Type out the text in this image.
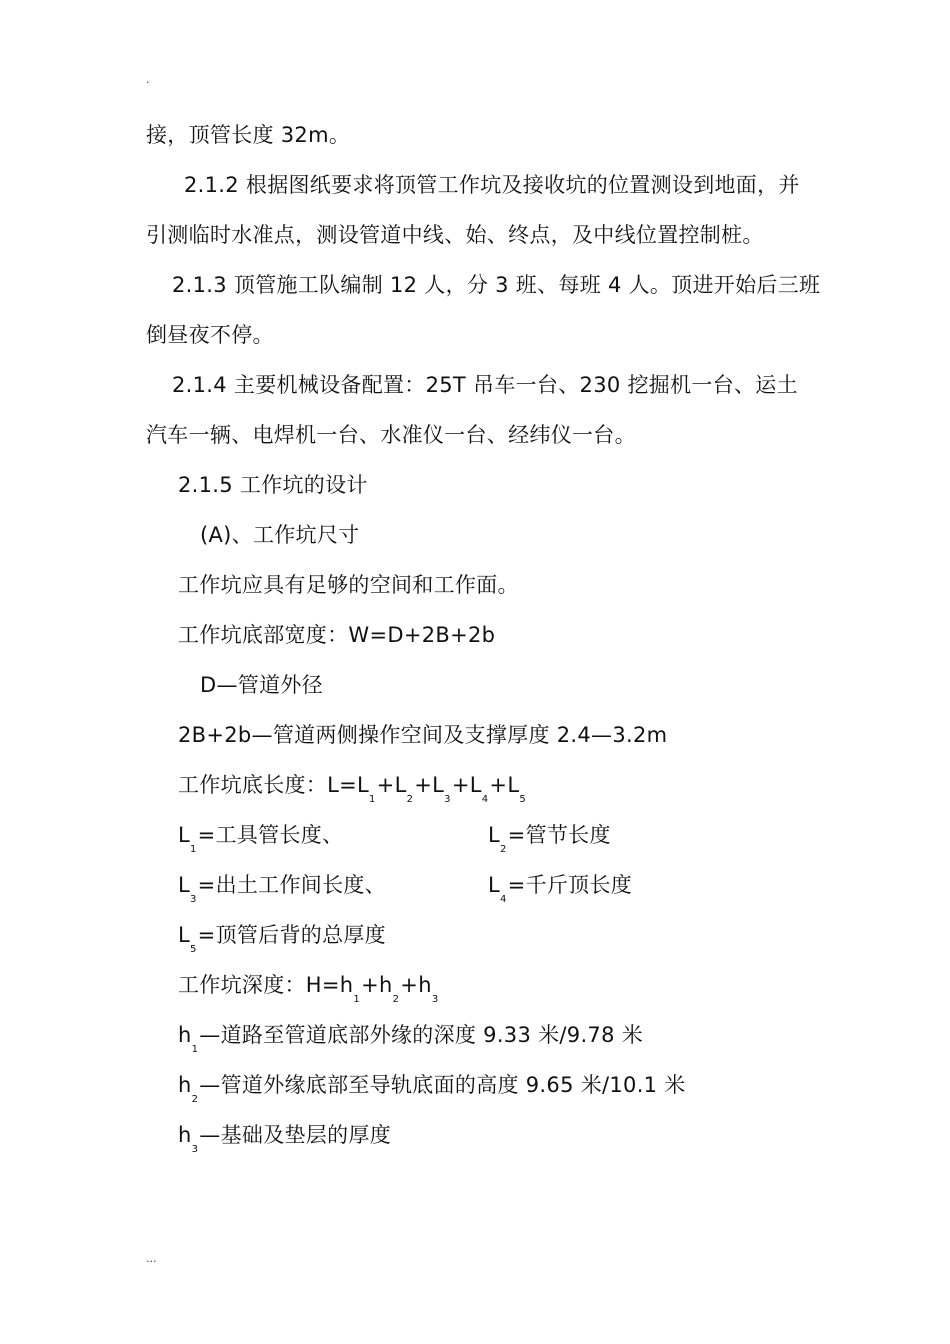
·
接，顶管长度 32m。
2.1.2 根据图纸要求将顶管工作坑及接收坑的位置测设到地面，并
引测临时水准点，测设管道中线、始、终点，及中线位置控制桩。
2.1.3 顶管施工队编制 12 人，分 3 班、每班 4 人。顶进开始后三班
倒昼夜不停。
2.1.4 主要机械设备配置：25T 吊车一台、230 挖掘机一台、运土
汽车一辆、电焊机一台、水准仪一台、经纬仪一台。
2.1.5 工作坑的设计
(A)、工作坑尺寸
工作坑应具有足够的空间和工作面。
工作坑底部宽度：W=D+2B+2b
D—管道外径
2B+2b—管道两侧操作空间及支撑厚度 2.4—3.2m
工作坑底长度：$L=L_1+L_2+L_3+L_4+L_5$
$L_1=$工具管长度、	$L_2=$管节长度
$L_3=$出土工作间长度、	$L_4=$千斤顶长度
$L_5=$顶管后背的总厚度
工作坑深度：$H=h_1+h_2+h_3$
$h_1—$道路至管道底部外缘的深度 9.33 米/9.78 米
$h_2—$管道外缘底部至导轨底面的高度 9.65 米/10.1 米
$h_3—$基础及垫层的厚度
...
